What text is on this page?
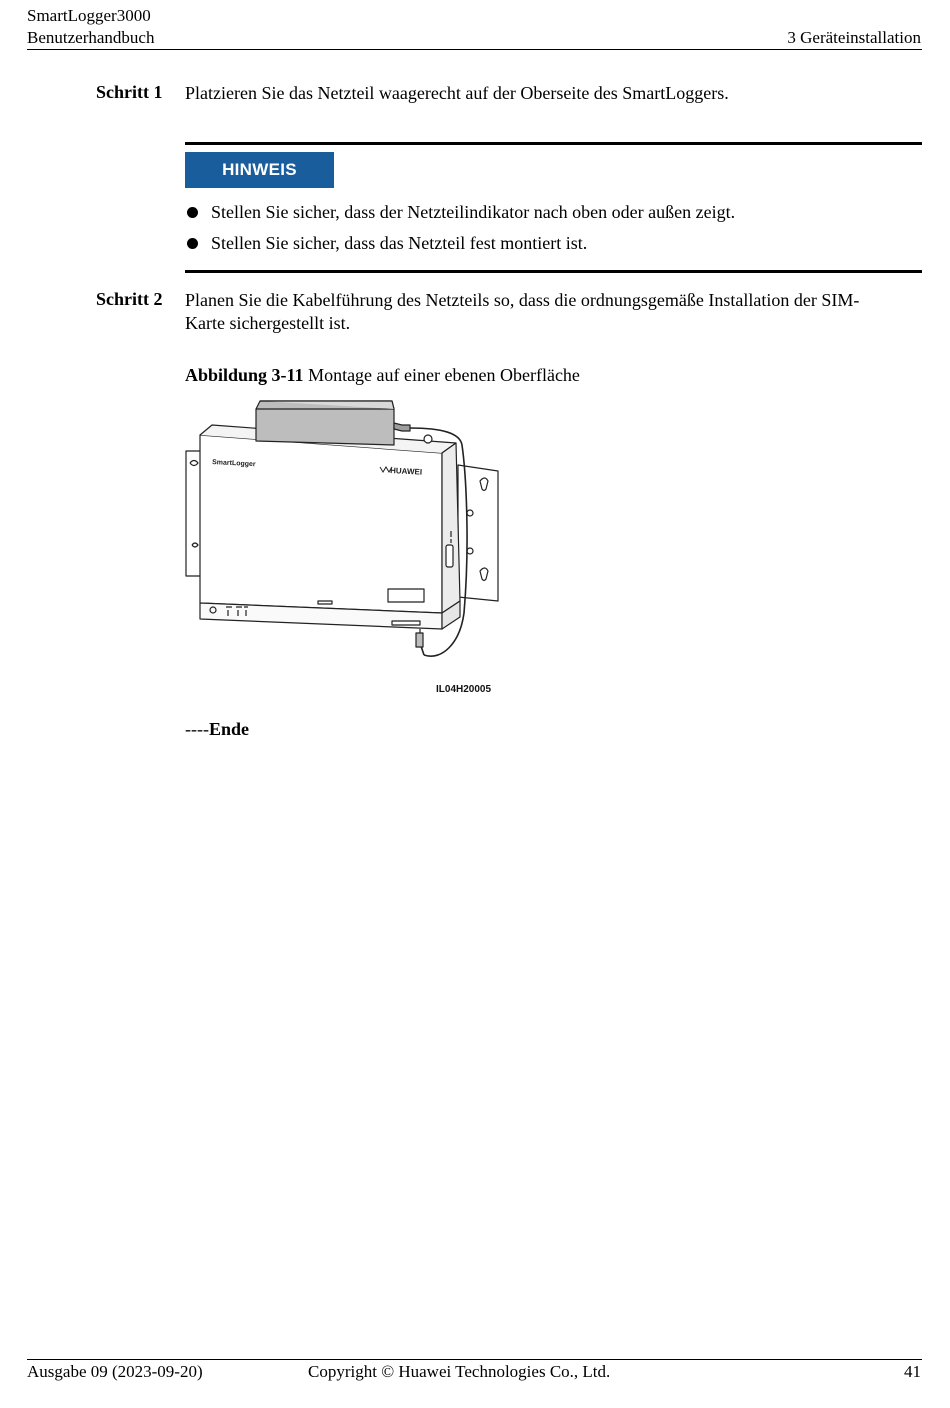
SmartLogger3000
Benutzerhandbuch	3 Geräteinstallation
Schritt 1 Platzieren Sie das Netzteil waagerecht auf der Oberseite des SmartLoggers.
HINWEIS
Stellen Sie sicher, dass der Netzteilindikator nach oben oder außen zeigt.
Stellen Sie sicher, dass das Netzteil fest montiert ist.
Schritt 2 Planen Sie die Kabelführung des Netzteils so, dass die ordnungsgemäße Installation der SIM-
Karte sichergestellt ist.
Abbildung 3-11 Montage auf einer ebenen Oberfläche
SmartLogger
HUAWEI
IL04H20005
----Ende
Ausgabe 09 (2023-09-20)	Copyright © Huawei Technologies Co., Ltd.	41
